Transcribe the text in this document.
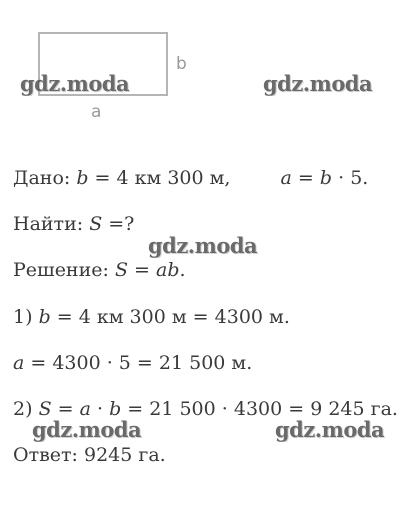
b
a
Дано: b = 4 км 300 м,	a = b · 5.
Найти: S =?
Решение: S = ab.
1) b = 4 км 300 м = 4300 м.
a = 4300 · 5 = 21 500 м.
2) S = a · b = 21 500 · 4300 = 9 245 га.
Ответ: 9245 га.
gdz.moda	gdz.moda
gdz.moda
gdz.moda	gdz.moda
